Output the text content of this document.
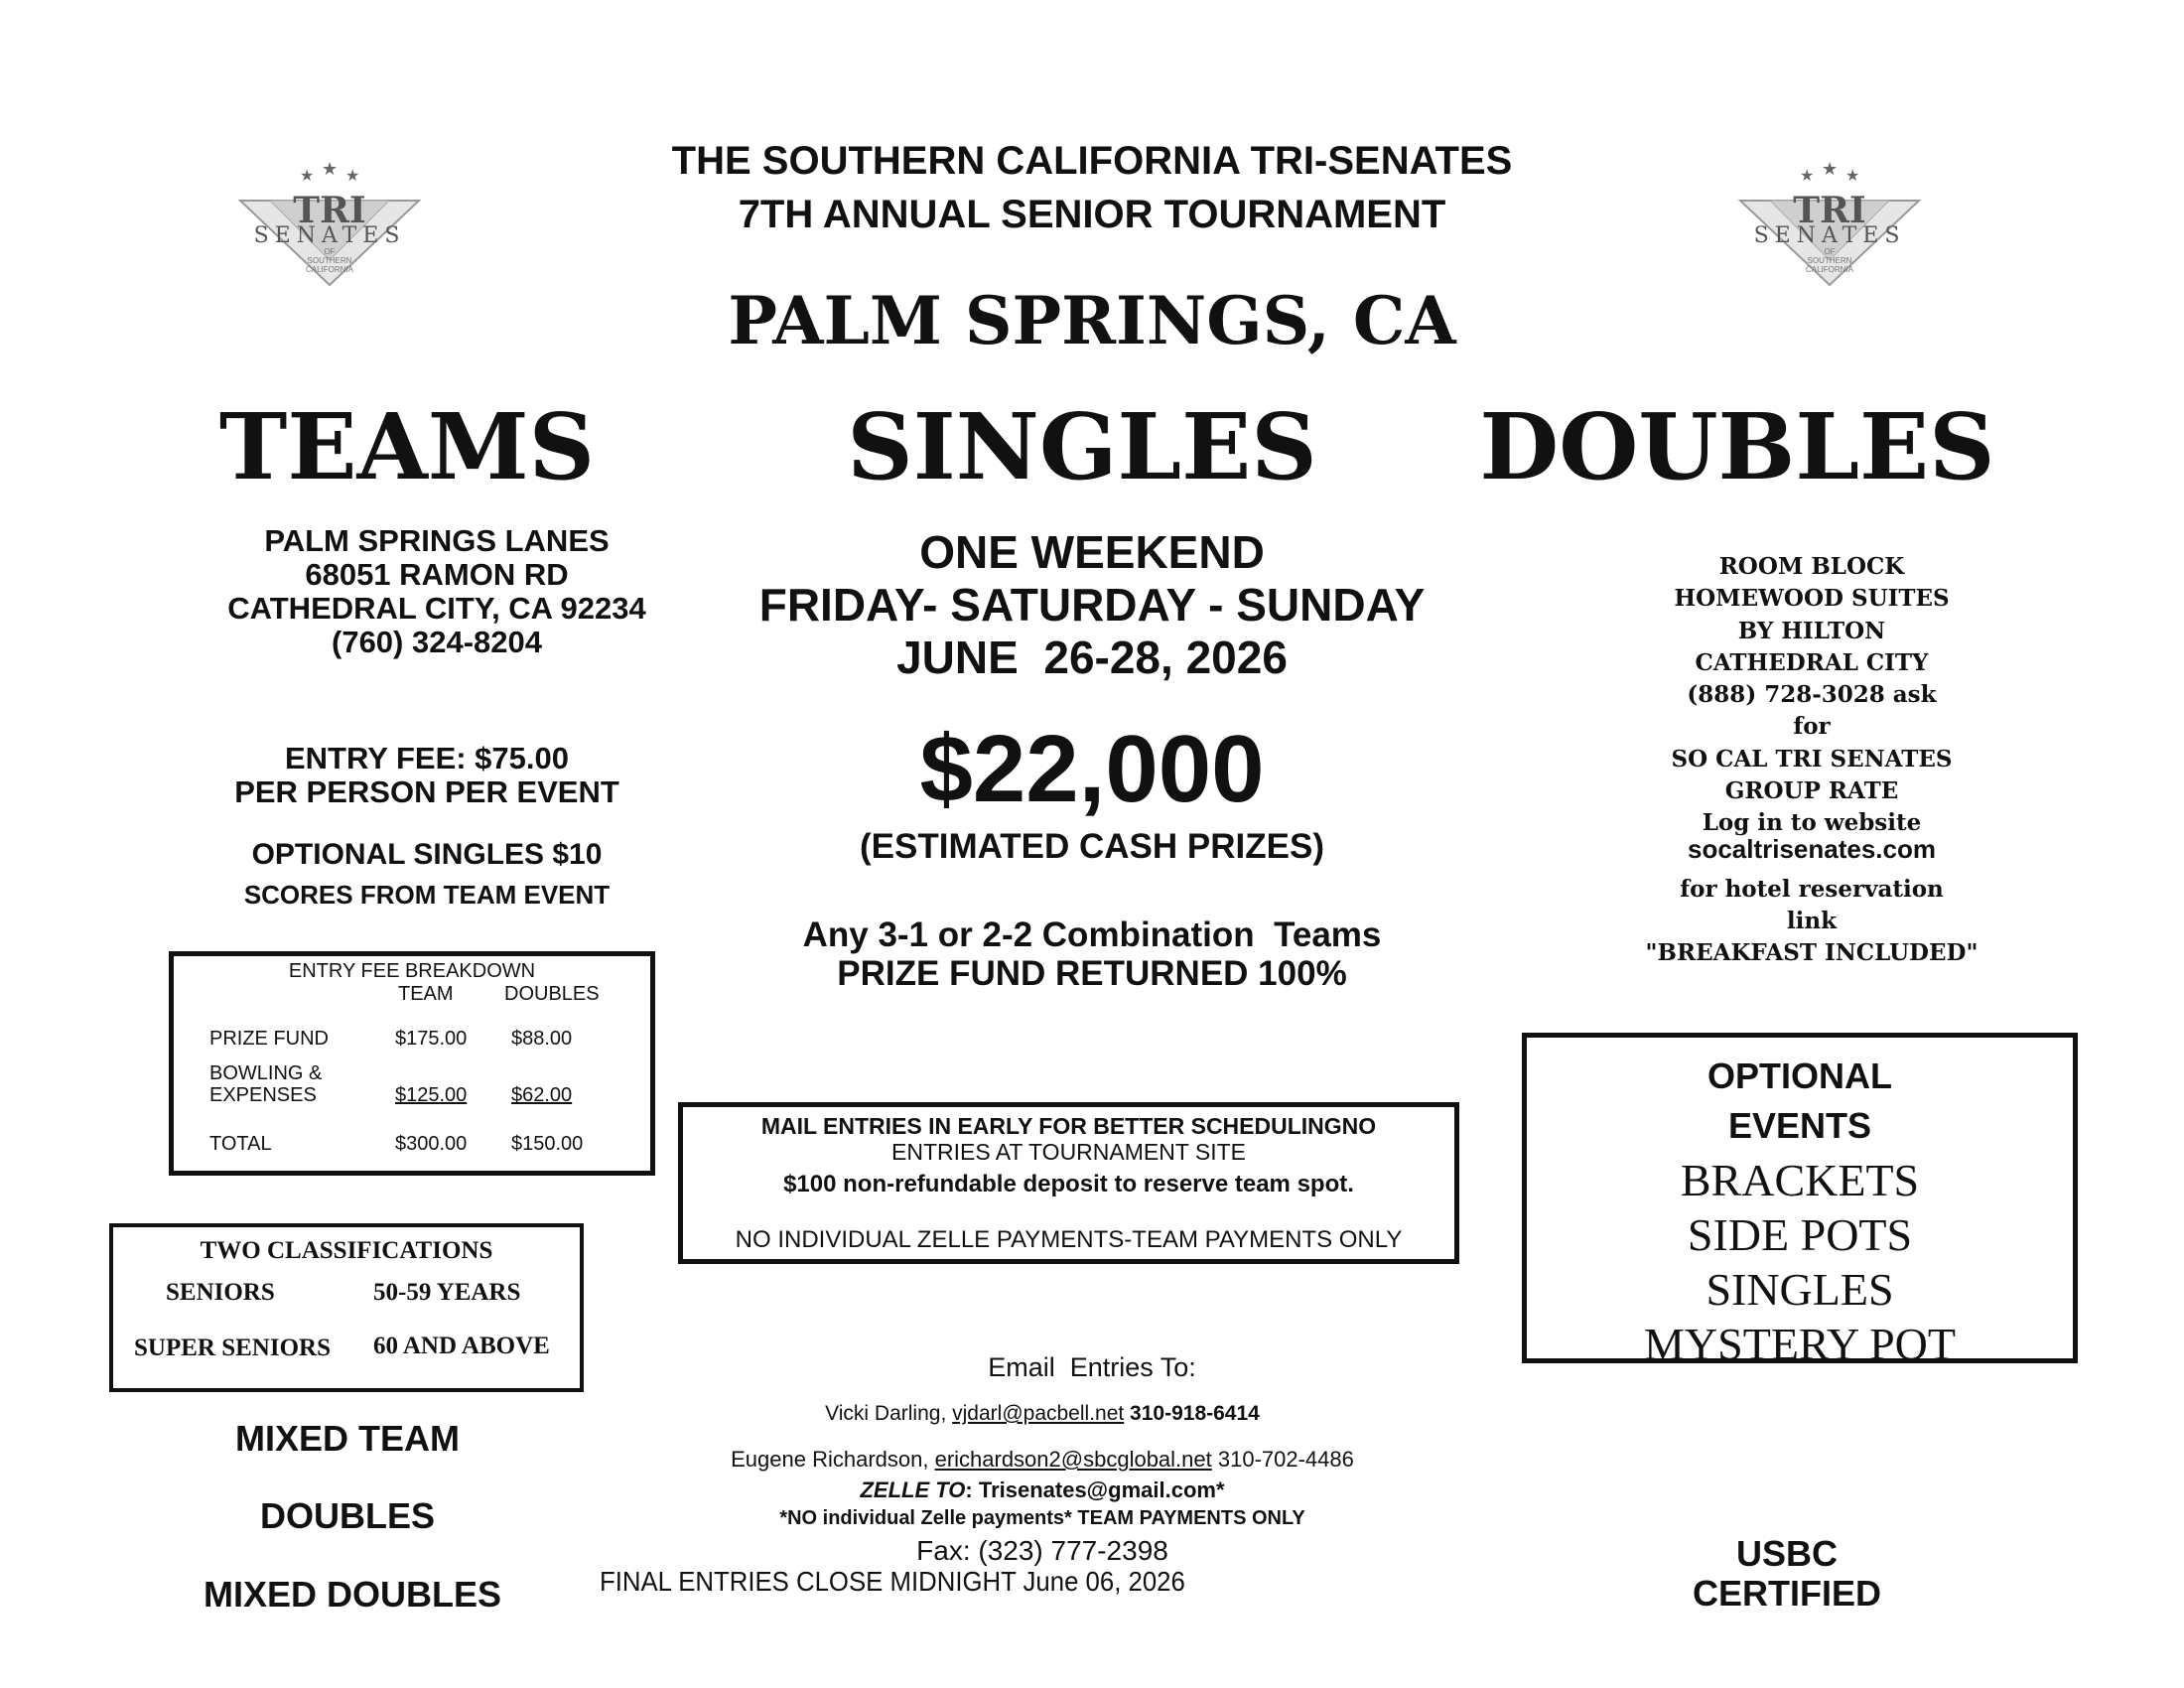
★ ★ ★
TRI
SENATES
OF
SOUTHERN
CALIFORNIA
★ ★ ★
TRI
SENATES
OF
SOUTHERN
CALIFORNIA
THE SOUTHERN CALIFORNIA TRI-SENATES
7TH ANNUAL SENIOR TOURNAMENT
PALM SPRINGS, CA
TEAMS	SINGLES	DOUBLES
PALM SPRINGS LANES
68051 RAMON RD
CATHEDRAL CITY, CA 92234
(760) 324-8204
ENTRY FEE: $75.00
PER PERSON PER EVENT
OPTIONAL SINGLES $10
SCORES FROM TEAM EVENT
ENTRY FEE BREAKDOWN
TEAM	DOUBLES
PRIZE FUND	$175.00 $88.00
BOWLING &
EXPENSES	$125.00 $62.00
TOTAL	$300.00 $150.00
TWO CLASSIFICATIONS
SENIORS	50-59 YEARS
SUPER SENIORS 60 AND ABOVE
MIXED TEAM
DOUBLES
MIXED DOUBLES
ONE WEEKEND
FRIDAY- SATURDAY - SUNDAY
JUNE  26-28, 2026
$22,000
(ESTIMATED CASH PRIZES)
Any 3-1 or 2-2 Combination  Teams
PRIZE FUND RETURNED 100%
MAIL ENTRIES IN EARLY FOR BETTER SCHEDULINGNO
ENTRIES AT TOURNAMENT SITE
$100 non-refundable deposit to reserve team spot.
NO INDIVIDUAL ZELLE PAYMENTS-TEAM PAYMENTS ONLY
Email  Entries To:
Vicki Darling, vjdarl@pacbell.net 310-918-6414
Eugene Richardson, erichardson2@sbcglobal.net 310-702-4486
ZELLE TO: Trisenates@gmail.com*
*NO individual Zelle payments* TEAM PAYMENTS ONLY
Fax: (323) 777-2398
FINAL ENTRIES CLOSE MIDNIGHT June 06, 2026
ROOM BLOCK
HOMEWOOD SUITES
BY HILTON
CATHEDRAL CITY
(888) 728-3028 ask
for
SO CAL TRI SENATES
GROUP RATE
Log in to website
socaltrisenates.com
for hotel reservation
link
"BREAKFAST INCLUDED"
OPTIONAL
EVENTS
BRACKETS
SIDE POTS
SINGLES
MYSTERY POT
USBC
CERTIFIED
